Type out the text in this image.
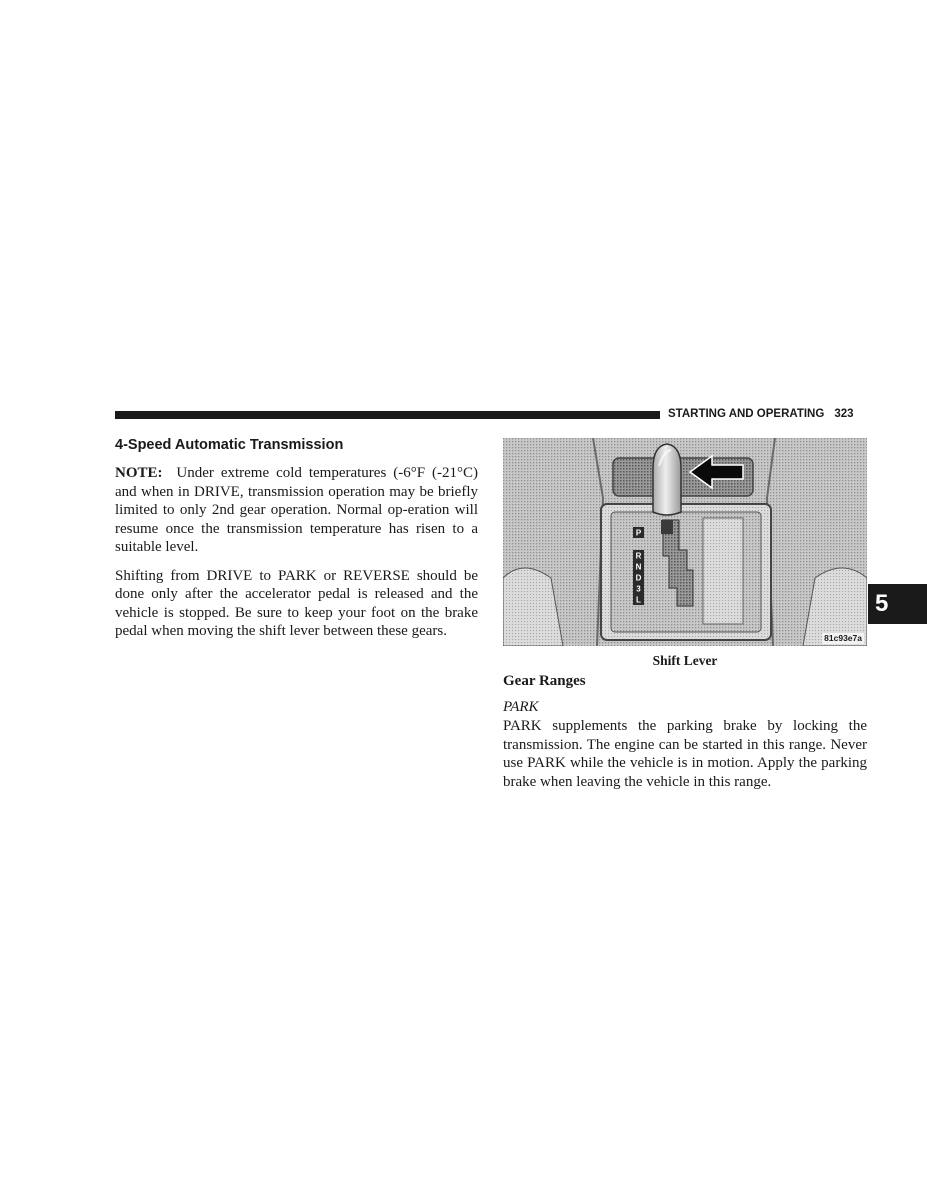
STARTING AND OPERATING 323
5
4-Speed Automatic Transmission

NOTE: Under extreme cold temperatures (-6°F (-21°C) and when in DRIVE, transmission operation may be briefly limited to only 2nd gear operation. Normal op-eration will resume once the transmission temperature has risen to a suitable level.

Shifting from DRIVE to PARK or REVERSE should be done only after the accelerator pedal is released and the vehicle is stopped. Be sure to keep your foot on the brake pedal when moving the shift lever between these gears.

P
R
N
D
3
L
81c93e7a
Shift Lever
Gear Ranges
PARK

PARK supplements the parking brake by locking the transmission. The engine can be started in this range. Never use PARK while the vehicle is in motion. Apply the parking brake when leaving the vehicle in this range.
